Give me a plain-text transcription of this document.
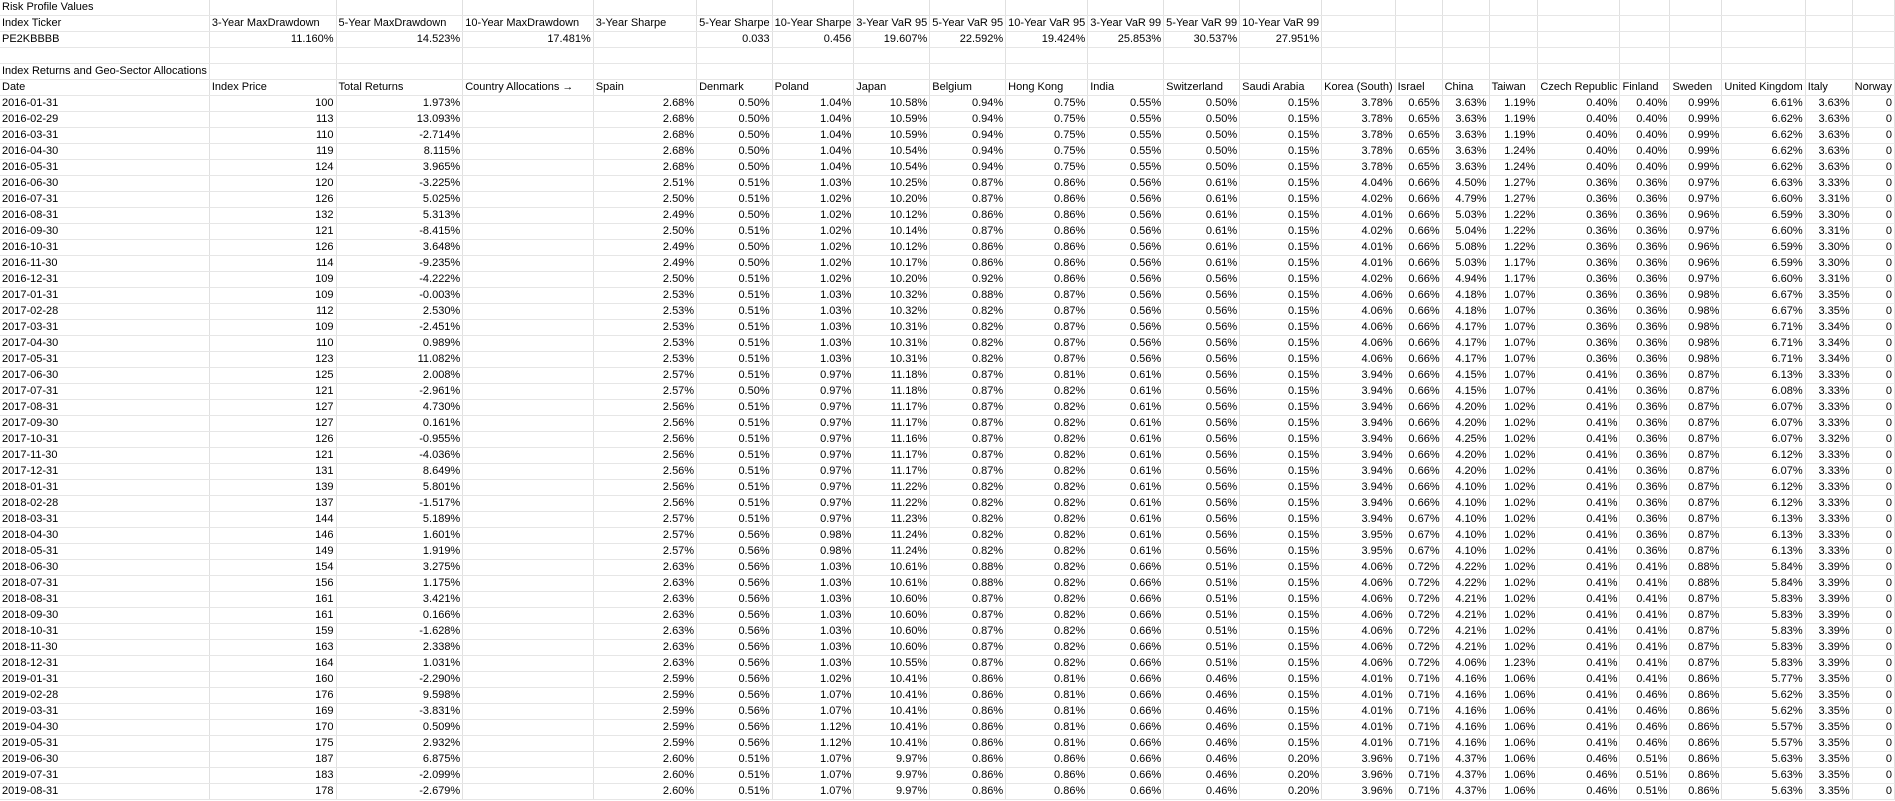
Risk Profile Values																						
Index Ticker	3-Year MaxDrawdown	5-Year MaxDrawdown	10-Year MaxDrawdown	3-Year Sharpe	5-Year Sharpe	10-Year Sharpe	3-Year VaR 95	5-Year VaR 95	10-Year VaR 95	3-Year VaR 99	5-Year VaR 99	10-Year VaR 99										
PE2KBBBB	11.160%	14.523%	17.481%		0.033	0.456	19.607%	22.592%	19.424%	25.853%	30.537%	27.951%										

Index Returns and Geo-Sector Allocations																						
Date	Index Price	Total Returns	Country Allocations →	Spain	Denmark	Poland	Japan	Belgium	Hong Kong	India	Switzerland	Saudi Arabia	Korea (South)	Israel	China	Taiwan	Czech Republic	Finland	Sweden	United Kingdom	Italy	Norway
2016-01-31	100	1.973%		2.68%	0.50%	1.04%	10.58%	0.94%	0.75%	0.55%	0.50%	0.15%	3.78%	0.65%	3.63%	1.19%	0.40%	0.40%	0.99%	6.61%	3.63%	0
2016-02-29	113	13.093%		2.68%	0.50%	1.04%	10.59%	0.94%	0.75%	0.55%	0.50%	0.15%	3.78%	0.65%	3.63%	1.19%	0.40%	0.40%	0.99%	6.62%	3.63%	0
2016-03-31	110	-2.714%		2.68%	0.50%	1.04%	10.59%	0.94%	0.75%	0.55%	0.50%	0.15%	3.78%	0.65%	3.63%	1.19%	0.40%	0.40%	0.99%	6.62%	3.63%	0
2016-04-30	119	8.115%		2.68%	0.50%	1.04%	10.54%	0.94%	0.75%	0.55%	0.50%	0.15%	3.78%	0.65%	3.63%	1.24%	0.40%	0.40%	0.99%	6.62%	3.63%	0
2016-05-31	124	3.965%		2.68%	0.50%	1.04%	10.54%	0.94%	0.75%	0.55%	0.50%	0.15%	3.78%	0.65%	3.63%	1.24%	0.40%	0.40%	0.99%	6.62%	3.63%	0
2016-06-30	120	-3.225%		2.51%	0.51%	1.03%	10.25%	0.87%	0.86%	0.56%	0.61%	0.15%	4.04%	0.66%	4.50%	1.27%	0.36%	0.36%	0.97%	6.63%	3.33%	0
2016-07-31	126	5.025%		2.50%	0.51%	1.02%	10.20%	0.87%	0.86%	0.56%	0.61%	0.15%	4.02%	0.66%	4.79%	1.27%	0.36%	0.36%	0.97%	6.60%	3.31%	0
2016-08-31	132	5.313%		2.49%	0.50%	1.02%	10.12%	0.86%	0.86%	0.56%	0.61%	0.15%	4.01%	0.66%	5.03%	1.22%	0.36%	0.36%	0.96%	6.59%	3.30%	0
2016-09-30	121	-8.415%		2.50%	0.51%	1.02%	10.14%	0.87%	0.86%	0.56%	0.61%	0.15%	4.02%	0.66%	5.04%	1.22%	0.36%	0.36%	0.97%	6.60%	3.31%	0
2016-10-31	126	3.648%		2.49%	0.50%	1.02%	10.12%	0.86%	0.86%	0.56%	0.61%	0.15%	4.01%	0.66%	5.08%	1.22%	0.36%	0.36%	0.96%	6.59%	3.30%	0
2016-11-30	114	-9.235%		2.49%	0.50%	1.02%	10.17%	0.86%	0.86%	0.56%	0.61%	0.15%	4.01%	0.66%	5.03%	1.17%	0.36%	0.36%	0.96%	6.59%	3.30%	0
2016-12-31	109	-4.222%		2.50%	0.51%	1.02%	10.20%	0.92%	0.86%	0.56%	0.56%	0.15%	4.02%	0.66%	4.94%	1.17%	0.36%	0.36%	0.97%	6.60%	3.31%	0
2017-01-31	109	-0.003%		2.53%	0.51%	1.03%	10.32%	0.88%	0.87%	0.56%	0.56%	0.15%	4.06%	0.66%	4.18%	1.07%	0.36%	0.36%	0.98%	6.67%	3.35%	0
2017-02-28	112	2.530%		2.53%	0.51%	1.03%	10.32%	0.82%	0.87%	0.56%	0.56%	0.15%	4.06%	0.66%	4.18%	1.07%	0.36%	0.36%	0.98%	6.67%	3.35%	0
2017-03-31	109	-2.451%		2.53%	0.51%	1.03%	10.31%	0.82%	0.87%	0.56%	0.56%	0.15%	4.06%	0.66%	4.17%	1.07%	0.36%	0.36%	0.98%	6.71%	3.34%	0
2017-04-30	110	0.989%		2.53%	0.51%	1.03%	10.31%	0.82%	0.87%	0.56%	0.56%	0.15%	4.06%	0.66%	4.17%	1.07%	0.36%	0.36%	0.98%	6.71%	3.34%	0
2017-05-31	123	11.082%		2.53%	0.51%	1.03%	10.31%	0.82%	0.87%	0.56%	0.56%	0.15%	4.06%	0.66%	4.17%	1.07%	0.36%	0.36%	0.98%	6.71%	3.34%	0
2017-06-30	125	2.008%		2.57%	0.51%	0.97%	11.18%	0.87%	0.81%	0.61%	0.56%	0.15%	3.94%	0.66%	4.15%	1.07%	0.41%	0.36%	0.87%	6.13%	3.33%	0
2017-07-31	121	-2.961%		2.57%	0.50%	0.97%	11.18%	0.87%	0.82%	0.61%	0.56%	0.15%	3.94%	0.66%	4.15%	1.07%	0.41%	0.36%	0.87%	6.08%	3.33%	0
2017-08-31	127	4.730%		2.56%	0.51%	0.97%	11.17%	0.87%	0.82%	0.61%	0.56%	0.15%	3.94%	0.66%	4.20%	1.02%	0.41%	0.36%	0.87%	6.07%	3.33%	0
2017-09-30	127	0.161%		2.56%	0.51%	0.97%	11.17%	0.87%	0.82%	0.61%	0.56%	0.15%	3.94%	0.66%	4.20%	1.02%	0.41%	0.36%	0.87%	6.07%	3.33%	0
2017-10-31	126	-0.955%		2.56%	0.51%	0.97%	11.16%	0.87%	0.82%	0.61%	0.56%	0.15%	3.94%	0.66%	4.25%	1.02%	0.41%	0.36%	0.87%	6.07%	3.32%	0
2017-11-30	121	-4.036%		2.56%	0.51%	0.97%	11.17%	0.87%	0.82%	0.61%	0.56%	0.15%	3.94%	0.66%	4.20%	1.02%	0.41%	0.36%	0.87%	6.12%	3.33%	0
2017-12-31	131	8.649%		2.56%	0.51%	0.97%	11.17%	0.87%	0.82%	0.61%	0.56%	0.15%	3.94%	0.66%	4.20%	1.02%	0.41%	0.36%	0.87%	6.07%	3.33%	0
2018-01-31	139	5.801%		2.56%	0.51%	0.97%	11.22%	0.82%	0.82%	0.61%	0.56%	0.15%	3.94%	0.66%	4.10%	1.02%	0.41%	0.36%	0.87%	6.12%	3.33%	0
2018-02-28	137	-1.517%		2.56%	0.51%	0.97%	11.22%	0.82%	0.82%	0.61%	0.56%	0.15%	3.94%	0.66%	4.10%	1.02%	0.41%	0.36%	0.87%	6.12%	3.33%	0
2018-03-31	144	5.189%		2.57%	0.51%	0.97%	11.23%	0.82%	0.82%	0.61%	0.56%	0.15%	3.94%	0.67%	4.10%	1.02%	0.41%	0.36%	0.87%	6.13%	3.33%	0
2018-04-30	146	1.601%		2.57%	0.56%	0.98%	11.24%	0.82%	0.82%	0.61%	0.56%	0.15%	3.95%	0.67%	4.10%	1.02%	0.41%	0.36%	0.87%	6.13%	3.33%	0
2018-05-31	149	1.919%		2.57%	0.56%	0.98%	11.24%	0.82%	0.82%	0.61%	0.56%	0.15%	3.95%	0.67%	4.10%	1.02%	0.41%	0.36%	0.87%	6.13%	3.33%	0
2018-06-30	154	3.275%		2.63%	0.56%	1.03%	10.61%	0.88%	0.82%	0.66%	0.51%	0.15%	4.06%	0.72%	4.22%	1.02%	0.41%	0.41%	0.88%	5.84%	3.39%	0
2018-07-31	156	1.175%		2.63%	0.56%	1.03%	10.61%	0.88%	0.82%	0.66%	0.51%	0.15%	4.06%	0.72%	4.22%	1.02%	0.41%	0.41%	0.88%	5.84%	3.39%	0
2018-08-31	161	3.421%		2.63%	0.56%	1.03%	10.60%	0.87%	0.82%	0.66%	0.51%	0.15%	4.06%	0.72%	4.21%	1.02%	0.41%	0.41%	0.87%	5.83%	3.39%	0
2018-09-30	161	0.166%		2.63%	0.56%	1.03%	10.60%	0.87%	0.82%	0.66%	0.51%	0.15%	4.06%	0.72%	4.21%	1.02%	0.41%	0.41%	0.87%	5.83%	3.39%	0
2018-10-31	159	-1.628%		2.63%	0.56%	1.03%	10.60%	0.87%	0.82%	0.66%	0.51%	0.15%	4.06%	0.72%	4.21%	1.02%	0.41%	0.41%	0.87%	5.83%	3.39%	0
2018-11-30	163	2.338%		2.63%	0.56%	1.03%	10.60%	0.87%	0.82%	0.66%	0.51%	0.15%	4.06%	0.72%	4.21%	1.02%	0.41%	0.41%	0.87%	5.83%	3.39%	0
2018-12-31	164	1.031%		2.63%	0.56%	1.03%	10.55%	0.87%	0.82%	0.66%	0.51%	0.15%	4.06%	0.72%	4.06%	1.23%	0.41%	0.41%	0.87%	5.83%	3.39%	0
2019-01-31	160	-2.290%		2.59%	0.56%	1.02%	10.41%	0.86%	0.81%	0.66%	0.46%	0.15%	4.01%	0.71%	4.16%	1.06%	0.41%	0.41%	0.86%	5.77%	3.35%	0
2019-02-28	176	9.598%		2.59%	0.56%	1.07%	10.41%	0.86%	0.81%	0.66%	0.46%	0.15%	4.01%	0.71%	4.16%	1.06%	0.41%	0.46%	0.86%	5.62%	3.35%	0
2019-03-31	169	-3.831%		2.59%	0.56%	1.07%	10.41%	0.86%	0.81%	0.66%	0.46%	0.15%	4.01%	0.71%	4.16%	1.06%	0.41%	0.46%	0.86%	5.62%	3.35%	0
2019-04-30	170	0.509%		2.59%	0.56%	1.12%	10.41%	0.86%	0.81%	0.66%	0.46%	0.15%	4.01%	0.71%	4.16%	1.06%	0.41%	0.46%	0.86%	5.57%	3.35%	0
2019-05-31	175	2.932%		2.59%	0.56%	1.12%	10.41%	0.86%	0.81%	0.66%	0.46%	0.15%	4.01%	0.71%	4.16%	1.06%	0.41%	0.46%	0.86%	5.57%	3.35%	0
2019-06-30	187	6.875%		2.60%	0.51%	1.07%	9.97%	0.86%	0.86%	0.66%	0.46%	0.20%	3.96%	0.71%	4.37%	1.06%	0.46%	0.51%	0.86%	5.63%	3.35%	0
2019-07-31	183	-2.099%		2.60%	0.51%	1.07%	9.97%	0.86%	0.86%	0.66%	0.46%	0.20%	3.96%	0.71%	4.37%	1.06%	0.46%	0.51%	0.86%	5.63%	3.35%	0
2019-08-31	178	-2.679%		2.60%	0.51%	1.07%	9.97%	0.86%	0.86%	0.66%	0.46%	0.20%	3.96%	0.71%	4.37%	1.06%	0.46%	0.51%	0.86%	5.63%	3.35%	0
